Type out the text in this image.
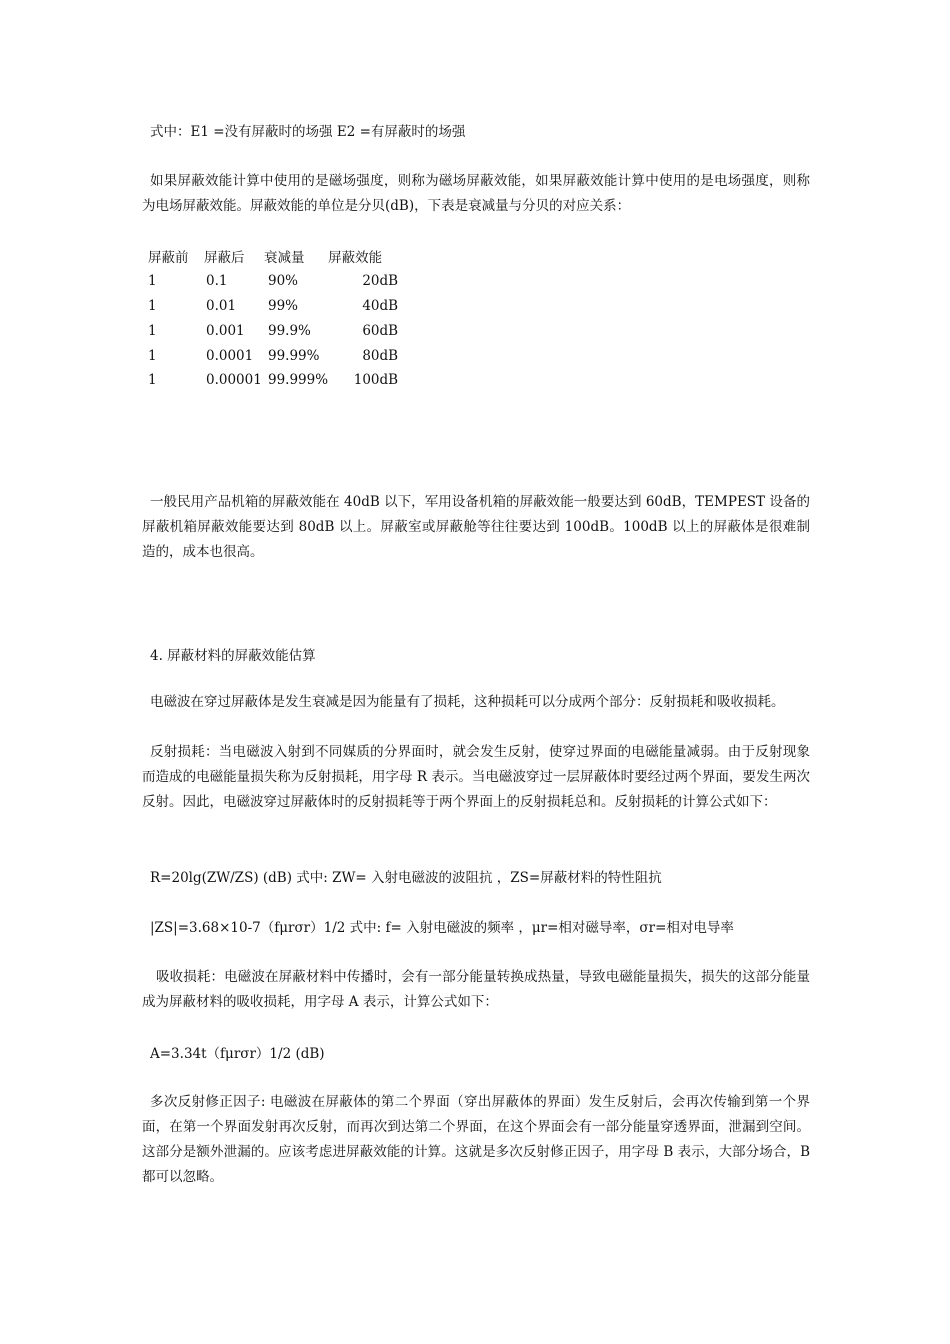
式中：E1 =没有屏蔽时的场强 E2 =有屏蔽时的场强

如果屏蔽效能计算中使用的是磁场强度，则称为磁场屏蔽效能，如果屏蔽效能计算中使用的是电场强度，则称为电场屏蔽效能。屏蔽效能的单位是分贝(dB)，下表是衰减量与分贝的对应关系：

屏蔽前	屏蔽后	衰减量	屏蔽效能
1	0.1	90%	20dB
1	0.01	99%	40dB
1	0.001	99.9%	60dB
1	0.0001	99.99%	80dB
1	0.00001	99.999%	100dB

一般民用产品机箱的屏蔽效能在 40dB 以下，军用设备机箱的屏蔽效能一般要达到 60dB，TEMPEST 设备的屏蔽机箱屏蔽效能要达到 80dB 以上。屏蔽室或屏蔽舱等往往要达到 100dB。100dB 以上的屏蔽体是很难制造的，成本也很高。

4. 屏蔽材料的屏蔽效能估算

电磁波在穿过屏蔽体是发生衰减是因为能量有了损耗，这种损耗可以分成两个部分：反射损耗和吸收损耗。

反射损耗：当电磁波入射到不同媒质的分界面时，就会发生反射，使穿过界面的电磁能量减弱。由于反射现象而造成的电磁能量损失称为反射损耗，用字母 R 表示。当电磁波穿过一层屏蔽体时要经过两个界面，要发生两次反射。因此，电磁波穿过屏蔽体时的反射损耗等于两个界面上的反射损耗总和。反射损耗的计算公式如下：

R=20lg(ZW/ZS) (dB) 式中: ZW= 入射电磁波的波阻抗 ，ZS=屏蔽材料的特性阻抗

|ZS|=3.68×10-7（fμrσr）1/2 式中: f= 入射电磁波的频率 ，μr=相对磁导率，σr=相对电导率

吸收损耗：电磁波在屏蔽材料中传播时，会有一部分能量转换成热量，导致电磁能量损失，损失的这部分能量成为屏蔽材料的吸收损耗，用字母 A 表示，计算公式如下：

A=3.34t（fμrσr）1/2 (dB)

多次反射修正因子: 电磁波在屏蔽体的第二个界面（穿出屏蔽体的界面）发生反射后，会再次传输到第一个界面，在第一个界面发射再次反射，而再次到达第二个界面，在这个界面会有一部分能量穿透界面，泄漏到空间。这部分是额外泄漏的。应该考虑进屏蔽效能的计算。这就是多次反射修正因子，用字母 B 表示，大部分场合，B 都可以忽略。
